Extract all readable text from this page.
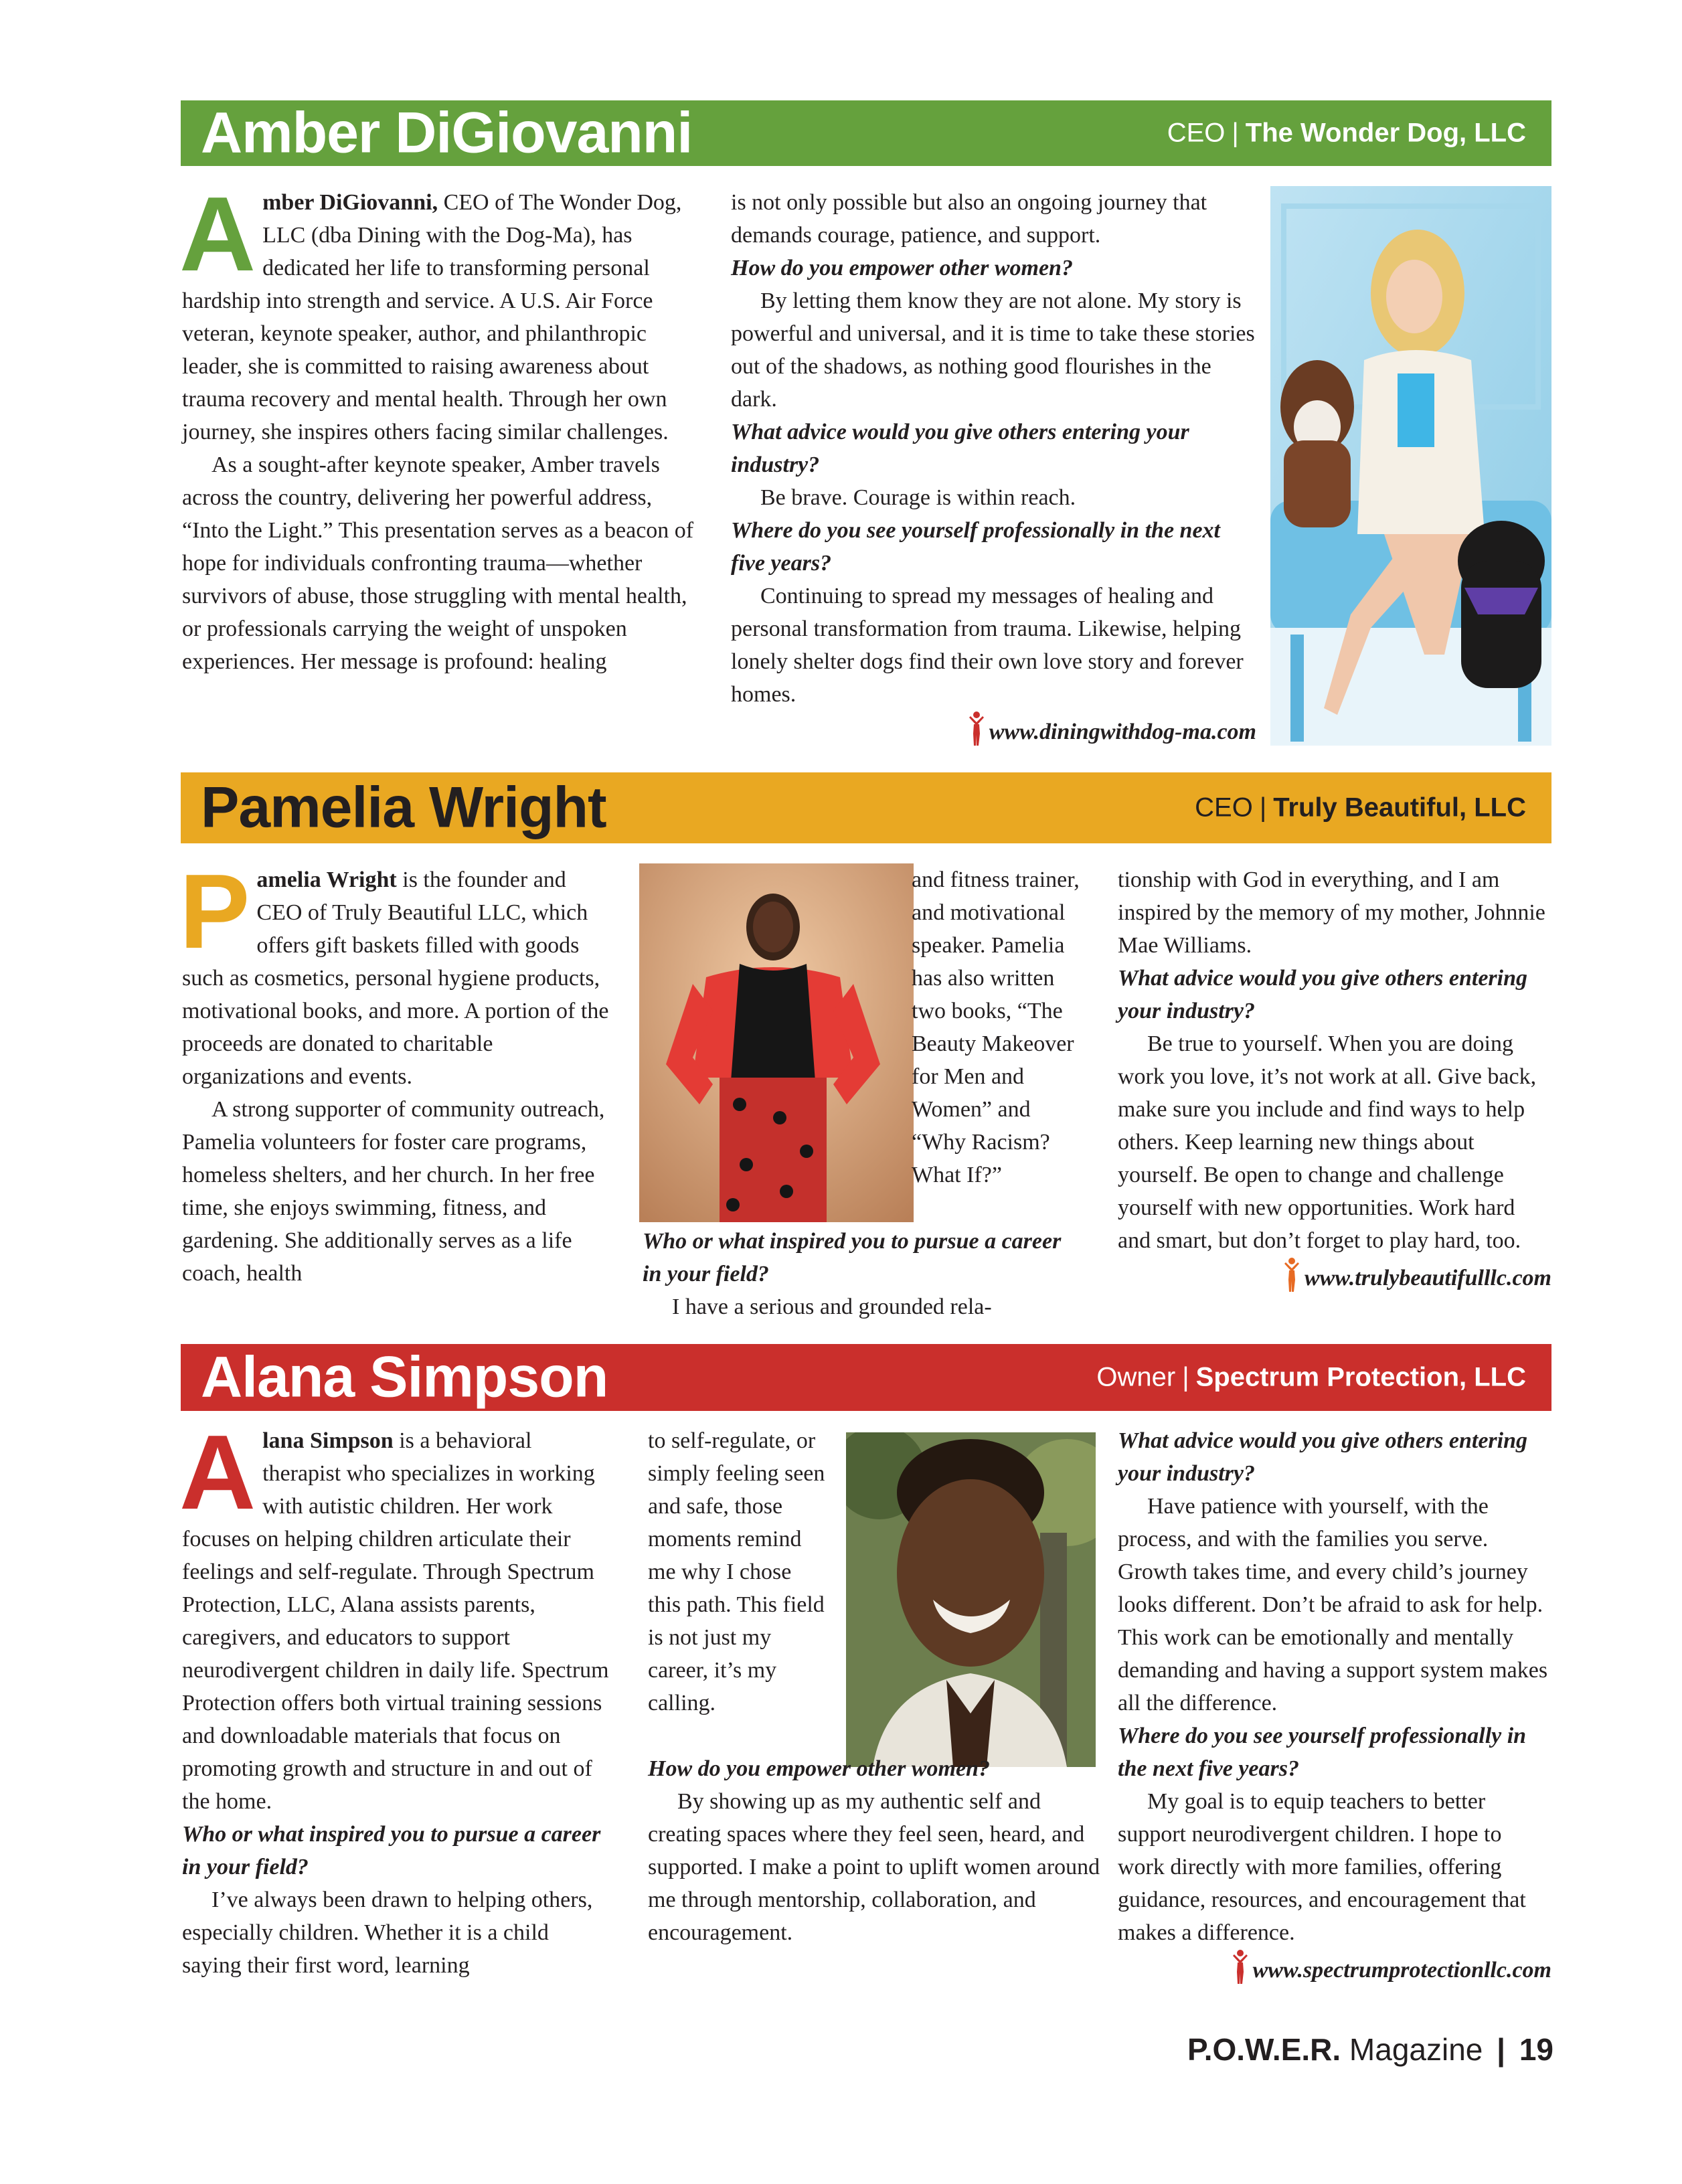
Amber DiGiovanni	CEO | The Wonder Dog, LLC

Amber DiGiovanni, CEO of The Wonder Dog, LLC (dba Dining with the Dog-Ma), has dedicated her life to transforming personal hardship into strength and service. A U.S. Air Force veteran, keynote speaker, author, and philanthropic leader, she is committed to raising awareness about trauma recovery and mental health. Through her own journey, she inspires others facing similar challenges.

As a sought-after keynote speaker, Amber travels across the country, delivering her powerful address, “Into the Light.” This presentation serves as a beacon of hope for individuals confronting trauma—whether survivors of abuse, those struggling with mental health, or professionals carrying the weight of unspoken experiences. Her message is profound: healing

is not only possible but also an ongoing journey that demands courage, patience, and support.

How do you empower other women?

By letting them know they are not alone. My story is powerful and universal, and it is time to take these stories out of the shadows, as nothing good flourishes in the dark.

What advice would you give others entering your industry?

Be brave. Courage is within reach.

Where do you see yourself professionally in the next five years?

Continuing to spread my messages of healing and personal transformation from trauma. Likewise, helping lonely shelter dogs find their own love story and forever homes.

www.diningwithdog-ma.com

Pamelia Wright	CEO | Truly Beautiful, LLC

Pamelia Wright is the founder and CEO of Truly Beautiful LLC, which offers gift baskets filled with goods such as cosmetics, personal hygiene products, motivational books, and more. A portion of the proceeds are donated to charitable organizations and events.

A strong supporter of community outreach, Pamelia volunteers for foster care programs, homeless shelters, and her church. In her free time, she enjoys swimming, fitness, and gardening. She additionally serves as a life coach, health

and fitness trainer, and motivational speaker. Pamelia has also written two books, “The Beauty Makeover for Men and Women” and “Why Racism? What If?”

Who or what inspired you to pursue a career in your field?

I have a serious and grounded rela-

tionship with God in everything, and I am inspired by the memory of my mother, Johnnie Mae Williams.

What advice would you give others entering your industry?

Be true to yourself. When you are doing work you love, it’s not work at all. Give back, make sure you include and find ways to help others. Keep learning new things about yourself. Be open to change and challenge yourself with new opportunities. Work hard and smart, but don’t forget to play hard, too.

www.trulybeautifulllc.com

Alana Simpson	Owner | Spectrum Protection, LLC

Alana Simpson is a behavioral therapist who specializes in working with autistic children. Her work focuses on helping children articulate their feelings and self-regulate. Through Spectrum Protection, LLC, Alana assists parents, caregivers, and educators to support neurodivergent children in daily life. Spectrum Protection offers both virtual training sessions and downloadable materials that focus on promoting growth and structure in and out of the home.

Who or what inspired you to pursue a career in your field?

I’ve always been drawn to helping others, especially children. Whether it is a child saying their first word, learning

to self-regulate, or simply feeling seen and safe, those moments remind me why I chose this path. This field is not just my career, it’s my calling.

How do you empower other women?

By showing up as my authentic self and creating spaces where they feel seen, heard, and supported. I make a point to uplift women around me through mentorship, collaboration, and encouragement.

What advice would you give others entering your industry?

Have patience with yourself, with the process, and with the families you serve. Growth takes time, and every child’s journey looks different. Don’t be afraid to ask for help. This work can be emotionally and mentally demanding and having a support system makes all the difference.

Where do you see yourself professionally in the next five years?

My goal is to equip teachers to better support neurodivergent children. I hope to work directly with more families, offering guidance, resources, and encouragement that makes a difference.

www.spectrumprotectionllc.com

P.O.W.E.R. Magazine | 19
